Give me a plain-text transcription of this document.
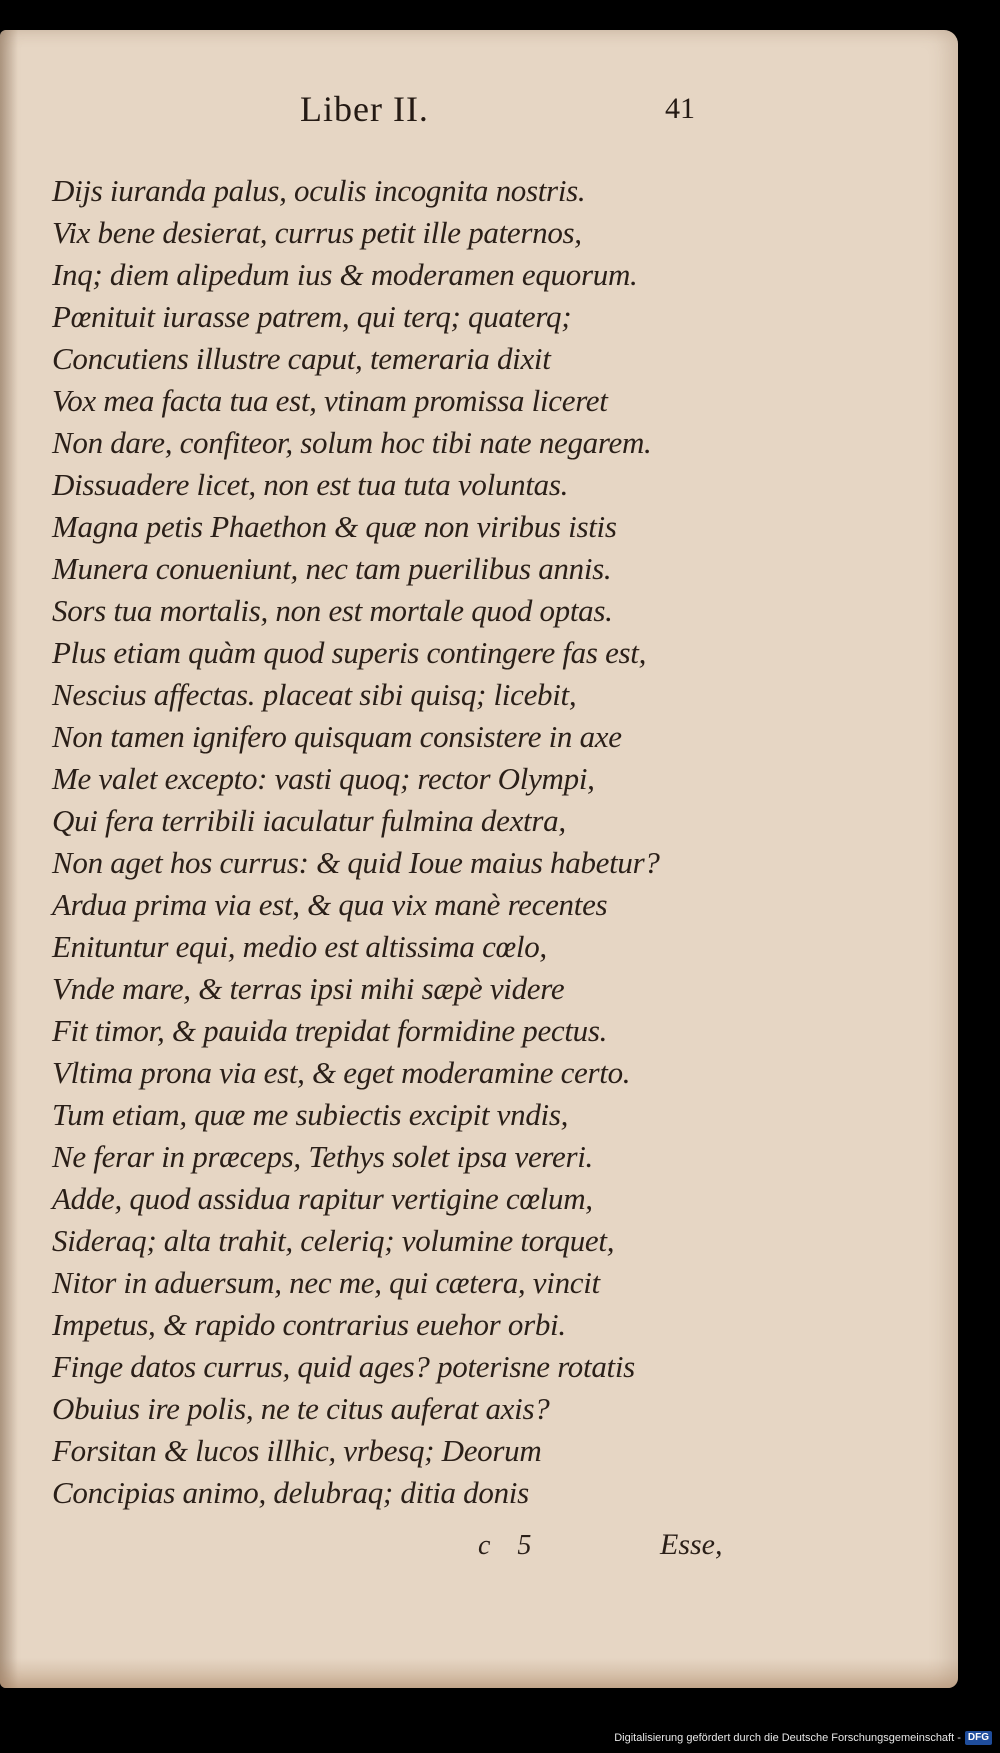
Liber II.	41
Dijs iuranda palus, oculis incognita nostris.
Vix bene desierat, currus petit ille paternos,
Inq; diem alipedum ius & moderamen equorum.
Pœnituit iurasse patrem, qui terq; quaterq;
Concutiens illustre caput, temeraria dixit
Vox mea facta tua est, vtinam promissa liceret
Non dare, confiteor, solum hoc tibi nate negarem.
Dissuadere licet, non est tua tuta voluntas.
Magna petis Phaethon & quæ non viribus istis
Munera conueniunt, nec tam puerilibus annis.
Sors tua mortalis, non est mortale quod optas.
Plus etiam quàm quod superis contingere fas est,
Nescius affectas. placeat sibi quisq; licebit,
Non tamen ignifero quisquam consistere in axe
Me valet excepto: vasti quoq; rector Olympi,
Qui fera terribili iaculatur fulmina dextra,
Non aget hos currus: & quid Ioue maius habetur?
Ardua prima via est, & qua vix manè recentes
Enituntur equi, medio est altissima cœlo,
Vnde mare, & terras ipsi mihi sæpè videre
Fit timor, & pauida trepidat formidine pectus.
Vltima prona via est, & eget moderamine certo.
Tum etiam, quæ me subiectis excipit vndis,
Ne ferar in præceps, Tethys solet ipsa vereri.
Adde, quod assidua rapitur vertigine cœlum,
Sideraq; alta trahit, celeriq; volumine torquet,
Nitor in aduersum, nec me, qui cætera, vincit
Impetus, & rapido contrarius euehor orbi.
Finge datos currus, quid ages? poterisne rotatis
Obuius ire polis, ne te citus auferat axis?
Forsitan & lucos illhic, vrbesq; Deorum
Concipias animo, delubraq; ditia donis
c 5	Esse,
Digitalisierung gefördert durch die Deutsche Forschungsgemeinschaft - DFG
